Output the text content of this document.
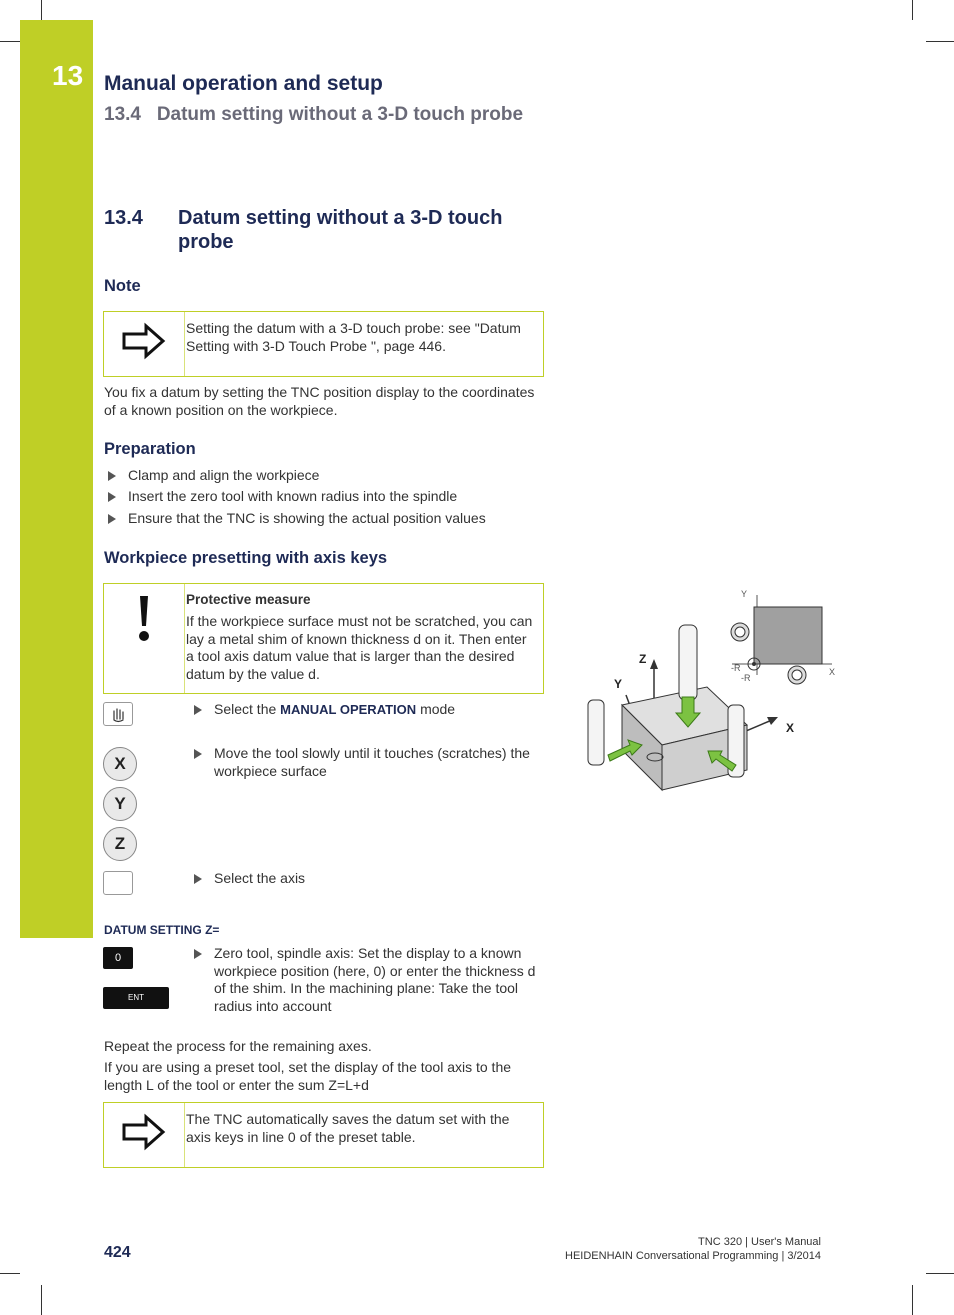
13 Manual operation and setup
13.4   Datum setting without a 3-D touch probe
13.4 Datum setting without a 3-D touch probe
Note
Setting the datum with a 3-D touch probe: see "Datum Setting with 3-D Touch Probe ", page 446.
You fix a datum by setting the TNC position display to the coordinates of a known position on the workpiece.
Preparation
Clamp and align the workpiece
Insert the zero tool with known radius into the spindle
Ensure that the TNC is showing the actual position values
Workpiece presetting with axis keys
Protective measure
If the workpiece surface must not be scratched, you can lay a metal shim of known thickness d on it. Then enter a tool axis datum value that is larger than the desired datum by the value d.
Select the MANUAL OPERATION mode
X
Y
Z
Move the tool slowly until it touches (scratches) the workpiece surface
Select the axis
DATUM SETTING Z=
0
ENT
Zero tool, spindle axis: Set the display to a known workpiece position (here, 0) or enter the thickness d of the shim. In the machining plane: Take the tool radius into account
Repeat the process for the remaining axes.
If you are using a preset tool, set the display of the tool axis to the length L of the tool or enter the sum Z=L+d
The TNC automatically saves the datum set with the axis keys in line 0 of the preset table.
Z
Y
X
Y
X
-R
-R
424
TNC 320 | User's Manual
HEIDENHAIN Conversational Programming | 3/2014
